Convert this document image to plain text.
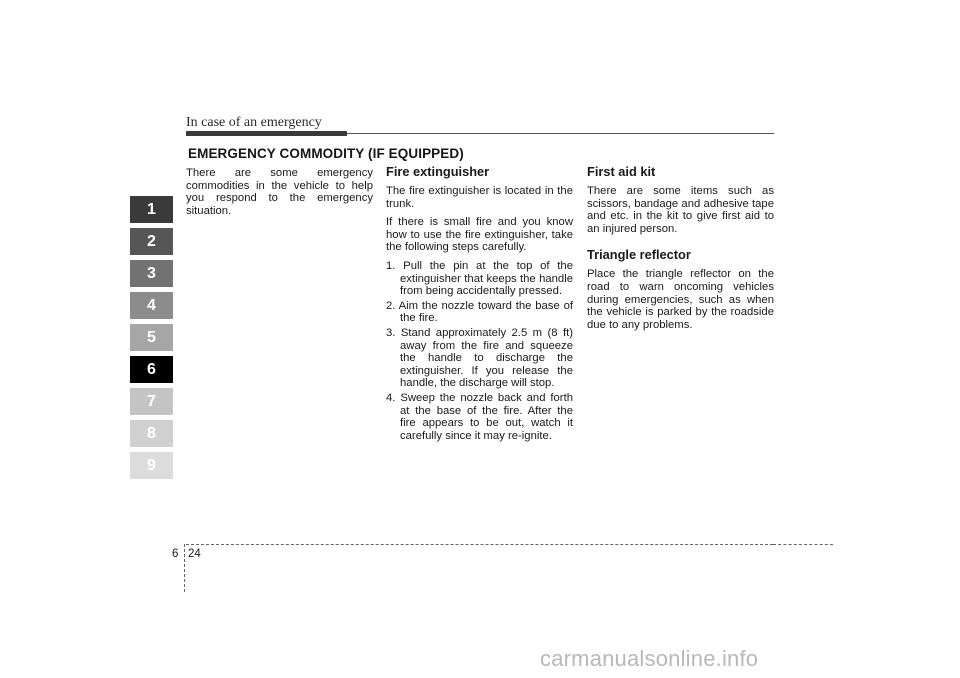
In case of an emergency
EMERGENCY COMMODITY (IF EQUIPPED)
1
2
3
4
5
6
7
8
9

There are some emergency commodities in the vehicle to help you respond to the emergency situation.

Fire extinguisher

The fire extinguisher is located in the trunk.

If there is small fire and you know how to use the fire extinguisher, take the following steps carefully.

1. Pull the pin at the top of the extinguisher that keeps the handle from being accidentally pressed.
2. Aim the nozzle toward the base of the fire.
3. Stand approximately 2.5 m (8 ft) away from the fire and squeeze the handle to discharge the extinguisher. If you release the handle, the discharge will stop.
4. Sweep the nozzle back and forth at the base of the fire. After the fire appears to be out, watch it carefully since it may re-ignite.
First aid kit

There are some items such as scissors, bandage and adhesive tape and etc. in the kit to give first aid to an injured person.

Triangle reflector

Place the triangle reflector on the road to warn oncoming vehicles during emergencies, such as when the vehicle is parked by the roadside due to any problems.

6 24
carmanualsonline.info
